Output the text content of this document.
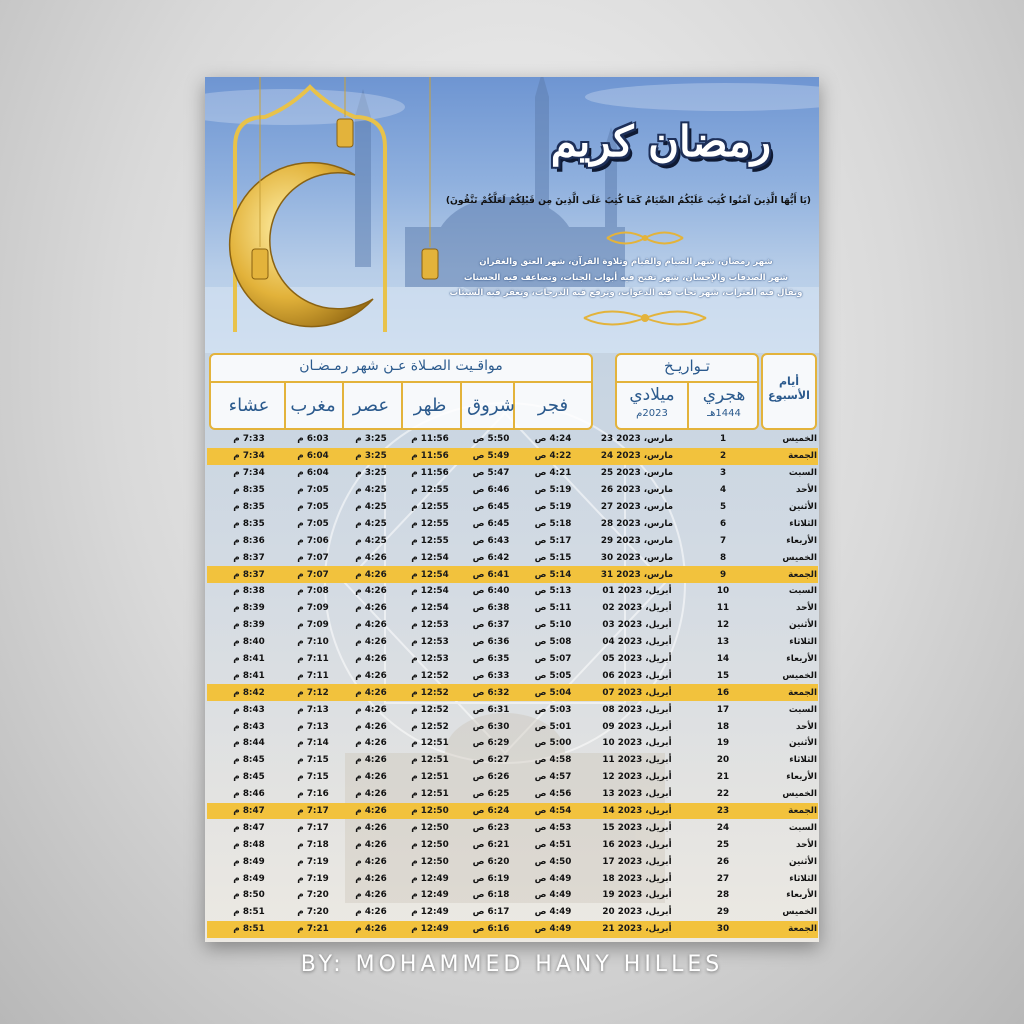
رمضان كريم
(يَا أَيُّهَا الَّذِينَ آمَنُوا كُتِبَ عَلَيْكُمُ الصِّيَامُ كَمَا كُتِبَ عَلَى الَّذِينَ مِن قَبْلِكُمْ لَعَلَّكُمْ تَتَّقُونَ)
شهر رمضان، شهر الصيام والقيام وتلاوة القرآن، شهر العتق والغفران
شهر الصدقات والإحسان، شهر تفتح فيه أبواب الجنات، وتضاعف فيه الحسنات
وتقال فيه العثرات، شهر تجاب فيه الدعوات، وترفع فيه الدرجات، وتغفر فيه السيئات
أيام الأسبوع
تـواريـخ
هجري
1444هـ
ميلادي
2023م
مواقـيت الصـلاة عـن شهر رمـضـان
الخميس
1
مارس، 2023 23
4:24 ص
5:50 ص
11:56 م
3:25 م
6:03 م
7:33 م
الجمعة
2
مارس، 2023 24
4:22 ص
5:49 ص
11:56 م
3:25 م
6:04 م
7:34 م
السبت
3
مارس، 2023 25
4:21 ص
5:47 ص
11:56 م
3:25 م
6:04 م
7:34 م
الأحد
4
مارس، 2023 26
5:19 ص
6:46 ص
12:55 م
4:25 م
7:05 م
8:35 م
الأثنين
5
مارس، 2023 27
5:19 ص
6:45 ص
12:55 م
4:25 م
7:05 م
8:35 م
الثلاثاء
6
مارس، 2023 28
5:18 ص
6:45 ص
12:55 م
4:25 م
7:05 م
8:35 م
الأربعاء
7
مارس، 2023 29
5:17 ص
6:43 ص
12:55 م
4:25 م
7:06 م
8:36 م
الخميس
8
مارس، 2023 30
5:15 ص
6:42 ص
12:54 م
4:26 م
7:07 م
8:37 م
الجمعة
9
مارس، 2023 31
5:14 ص
6:41 ص
12:54 م
4:26 م
7:07 م
8:37 م
السبت
10
أبريل، 2023 01
5:13 ص
6:40 ص
12:54 م
4:26 م
7:08 م
8:38 م
الأحد
11
أبريل، 2023 02
5:11 ص
6:38 ص
12:54 م
4:26 م
7:09 م
8:39 م
الأثنين
12
أبريل، 2023 03
5:10 ص
6:37 ص
12:53 م
4:26 م
7:09 م
8:39 م
الثلاثاء
13
أبريل، 2023 04
5:08 ص
6:36 ص
12:53 م
4:26 م
7:10 م
8:40 م
الأربعاء
14
أبريل، 2023 05
5:07 ص
6:35 ص
12:53 م
4:26 م
7:11 م
8:41 م
الخميس
15
أبريل، 2023 06
5:05 ص
6:33 ص
12:52 م
4:26 م
7:11 م
8:41 م
الجمعة
16
أبريل، 2023 07
5:04 ص
6:32 ص
12:52 م
4:26 م
7:12 م
8:42 م
السبت
17
أبريل، 2023 08
5:03 ص
6:31 ص
12:52 م
4:26 م
7:13 م
8:43 م
الأحد
18
أبريل، 2023 09
5:01 ص
6:30 ص
12:52 م
4:26 م
7:13 م
8:43 م
الأثنين
19
أبريل، 2023 10
5:00 ص
6:29 ص
12:51 م
4:26 م
7:14 م
8:44 م
الثلاثاء
20
أبريل، 2023 11
4:58 ص
6:27 ص
12:51 م
4:26 م
7:15 م
8:45 م
الأربعاء
21
أبريل، 2023 12
4:57 ص
6:26 ص
12:51 م
4:26 م
7:15 م
8:45 م
الخميس
22
أبريل، 2023 13
4:56 ص
6:25 ص
12:51 م
4:26 م
7:16 م
8:46 م
الجمعة
23
أبريل، 2023 14
4:54 ص
6:24 ص
12:50 م
4:26 م
7:17 م
8:47 م
السبت
24
أبريل، 2023 15
4:53 ص
6:23 ص
12:50 م
4:26 م
7:17 م
8:47 م
الأحد
25
أبريل، 2023 16
4:51 ص
6:21 ص
12:50 م
4:26 م
7:18 م
8:48 م
الأثنين
26
أبريل، 2023 17
4:50 ص
6:20 ص
12:50 م
4:26 م
7:19 م
8:49 م
الثلاثاء
27
أبريل، 2023 18
4:49 ص
6:19 ص
12:49 م
4:26 م
7:19 م
8:49 م
الأربعاء
28
أبريل، 2023 19
4:49 ص
6:18 ص
12:49 م
4:26 م
7:20 م
8:50 م
الخميس
29
أبريل، 2023 20
4:49 ص
6:17 ص
12:49 م
4:26 م
7:20 م
8:51 م
الجمعة
30
أبريل، 2023 21
4:49 ص
6:16 ص
12:49 م
4:26 م
7:21 م
8:51 م
فجر
شروق
ظهر
عصر
مغرب
عشاء
BY: MOHAMMED HANY HILLES
